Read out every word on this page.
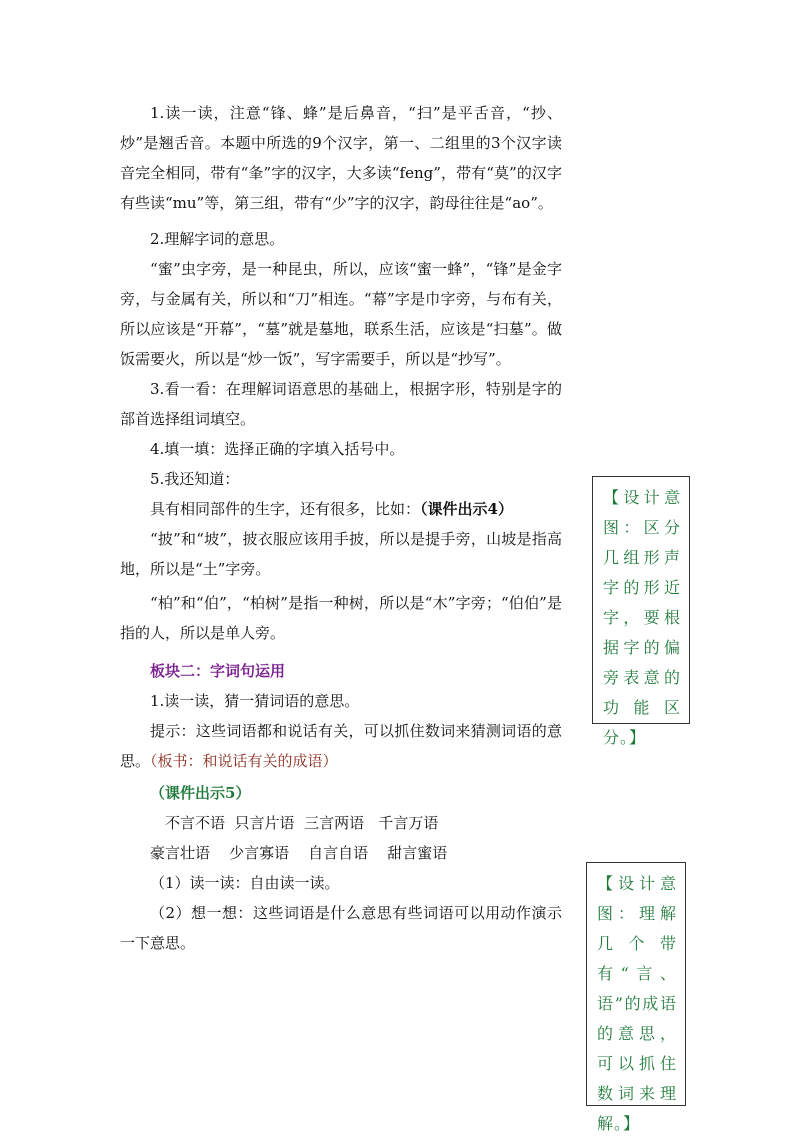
1.读一读，注意“锋、蜂”是后鼻音，“扫”是平舌音，“抄、炒”是翘舌音。本题中所选的9个汉字，第一、二组里的3个汉字读音完全相同，带有“夆”字的汉字，大多读“feng”，带有“莫”的汉字有些读“mu”等，第三组，带有“少”字的汉字，韵母往往是“ao”。

2.理解字词的意思。

“蜜”虫字旁，是一种昆虫，所以，应该“蜜一蜂”，“锋”是金字旁，与金属有关，所以和“刀”相连。“幕”字是巾字旁，与布有关，所以应该是“开幕”，“墓”就是墓地，联系生活，应该是“扫墓”。做饭需要火，所以是“炒一饭”，写字需要手，所以是“抄写”。

3.看一看：在理解词语意思的基础上，根据字形，特别是字的部首选择组词填空。

4.填一填：选择正确的字填入括号中。

5.我还知道：

具有相同部件的生字，还有很多，比如：（课件出示4）

“披”和“坡”，披衣服应该用手披，所以是提手旁，山坡是指高地，所以是“土”字旁。

“柏”和“伯”，“柏树”是指一种树，所以是“木”字旁；“伯伯”是指的人，所以是单人旁。

板块二：字词句运用

1.读一读，猜一猜词语的意思。

提示：这些词语都和说话有关，可以抓住数词来猜测词语的意思。（板书：和说话有关的成语）

（课件出示5）

不言不语  只言片语  三言两语   千言万语

豪言壮语    少言寡语    自言自语    甜言蜜语

（1）读一读：自由读一读。

（2）想一想：这些词语是什么意思有些词语可以用动作演示一下意思。

【设计意图：区分几组形声字的形近字，要根据字的偏旁表意的功能区分。】
【设计意图：理解几个带有“言、语”的成语的意思，可以抓住数词来理解。】
